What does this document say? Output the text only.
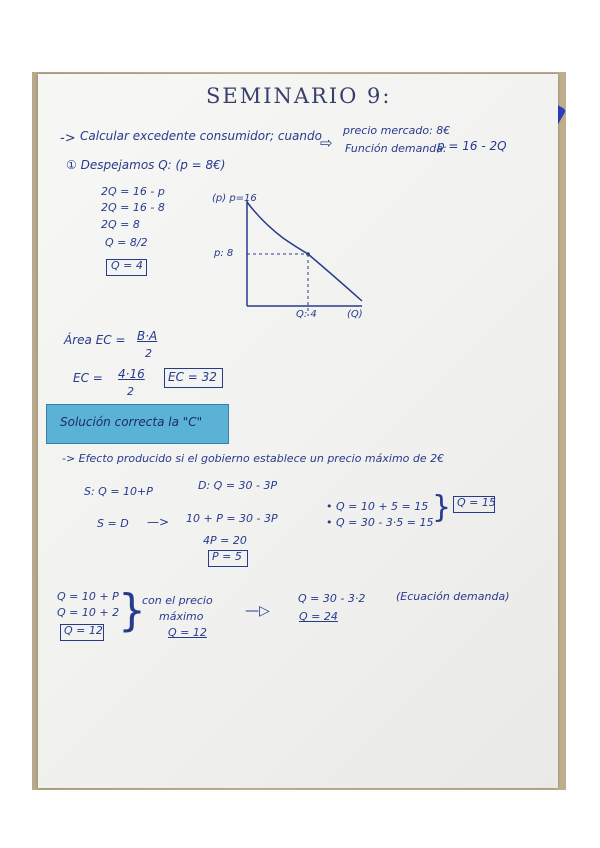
SEMINARIO 9:
-> Calcular excedente consumidor; cuando
⇨
precio mercado: 8€
Función demanda:
p = 16 - 2Q
① Despejamos Q: (p = 8€)
2Q = 16 - p
2Q = 16 - 8
2Q = 8
Q = 8/2
Q = 4
(p) p=16
p: 8
Q: 4	(Q)
Área EC = B·A
2
EC = 4·16
2
EC = 32
Solución correcta la "C"
-> Efecto producido si el gobierno establece un precio máximo de 2€
S: Q = 10+P	D: Q = 30 - 3P
S = D —> 10 + P = 30 - 3P
4P = 20
P = 5
• Q = 10 + 5 = 15
• Q = 30 - 3·5 = 15
} Q = 15
Q = 10 + P
Q = 10 + 2
Q = 12 }
con el precio
máximo
Q = 12
—▷
Q = 30 - 3·2
Q = 24
(Ecuación demanda)
